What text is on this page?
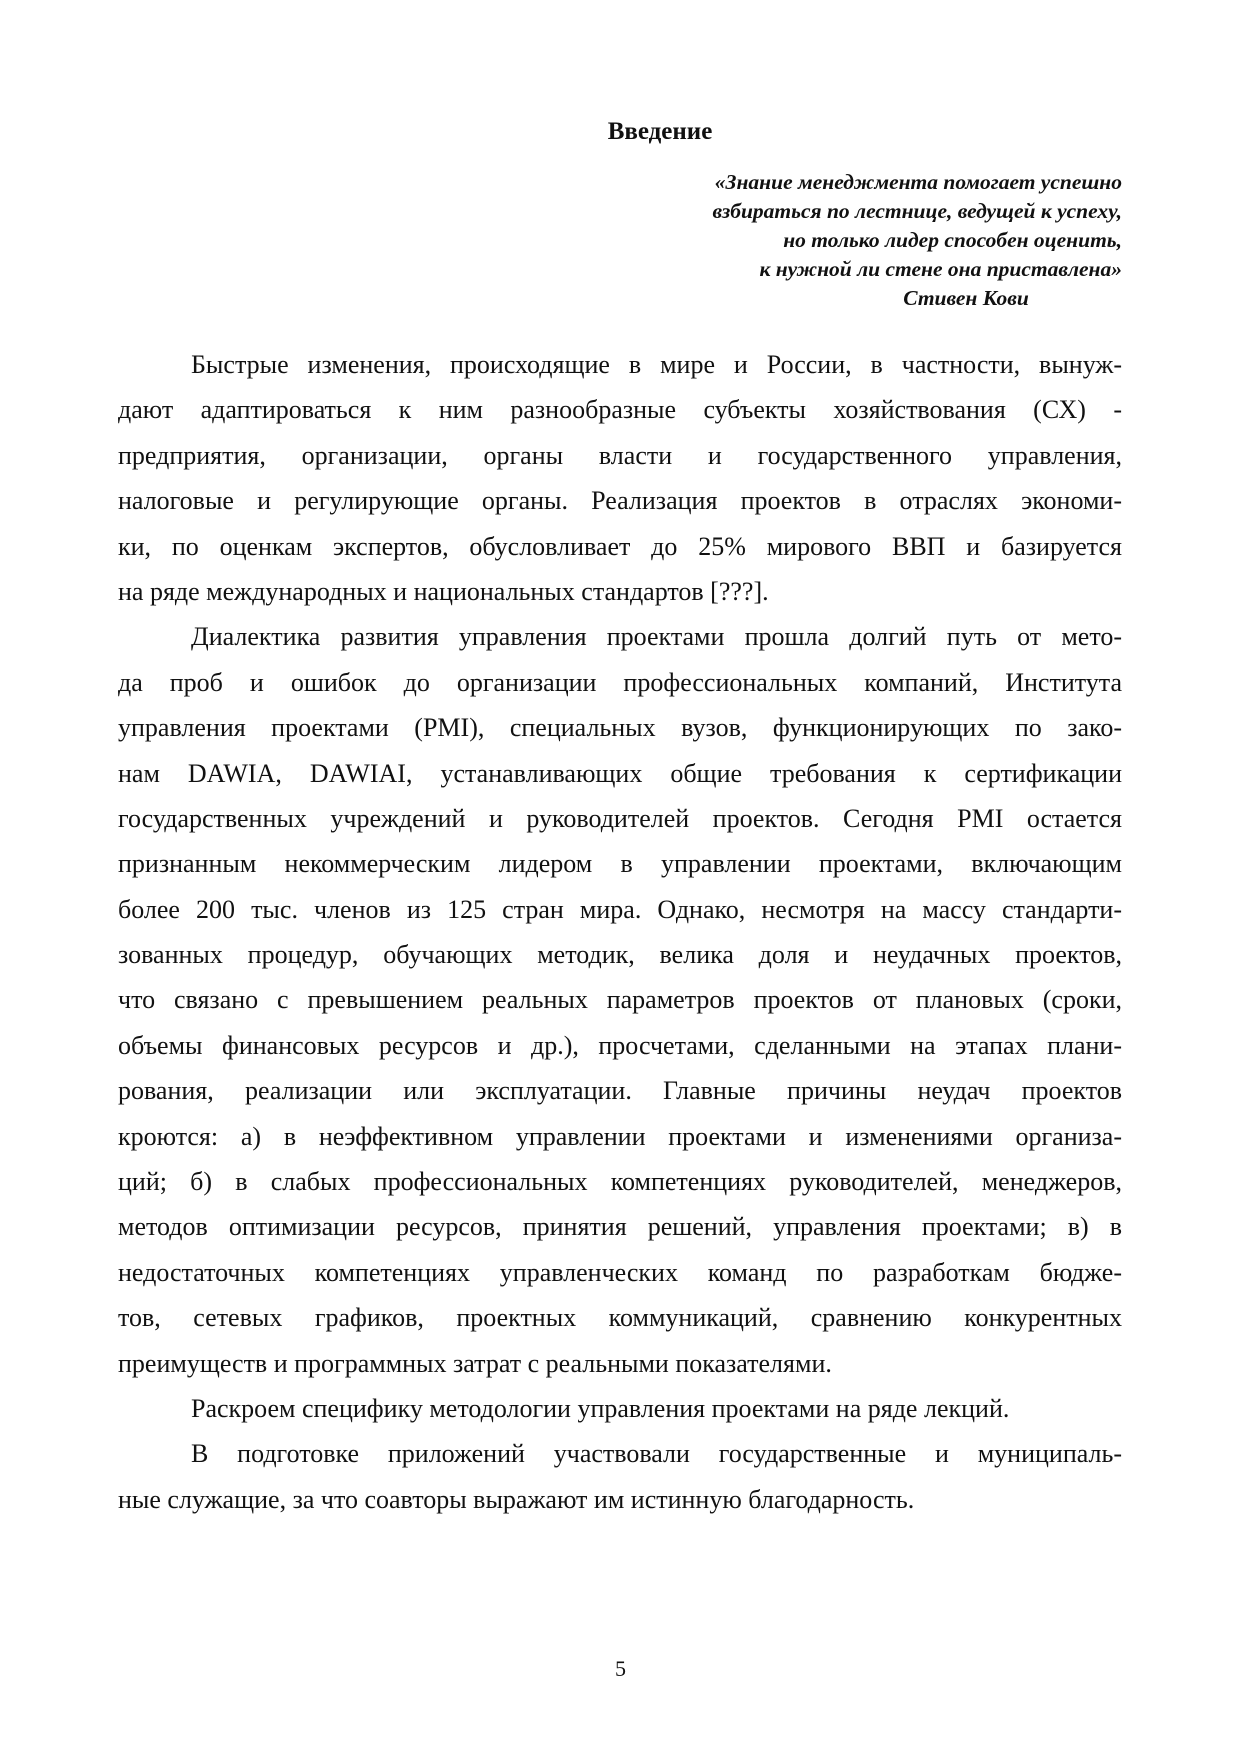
Введение
«Знание менеджмента помогает успешно
взбираться по лестнице, ведущей к успеху,
но только лидер способен оценить,
к нужной ли стене она приставлена»
Стивен Кови
Быстрые изменения, происходящие в мире и России, в частности, вынуж-
дают адаптироваться к ним разнообразные субъекты хозяйствования (СХ) -
предприятия, организации, органы власти и государственного управления,
налоговые и регулирующие органы. Реализация проектов в отраслях экономи-
ки, по оценкам экспертов, обусловливает до 25% мирового ВВП и базируется
на ряде международных и национальных стандартов [???].
Диалектика развития управления проектами прошла долгий путь от мето-
да проб и ошибок до организации профессиональных компаний, Института
управления проектами (PMI), специальных вузов, функционирующих по зако-
нам DAWIA, DAWIAI, устанавливающих общие требования к сертификации
государственных учреждений и руководителей проектов. Сегодня PMI остается
признанным некоммерческим лидером в управлении проектами, включающим
более 200 тыс. членов из 125 стран мира. Однако, несмотря на массу стандарти-
зованных процедур, обучающих методик, велика доля и неудачных проектов,
что связано с превышением реальных параметров проектов от плановых (сроки,
объемы финансовых ресурсов и др.), просчетами, сделанными на этапах плани-
рования, реализации или эксплуатации. Главные причины неудач проектов
кроются: а) в неэффективном управлении проектами и изменениями организа-
ций; б) в слабых профессиональных компетенциях руководителей, менеджеров,
методов оптимизации ресурсов, принятия решений, управления проектами; в) в
недостаточных компетенциях управленческих команд по разработкам бюдже-
тов, сетевых графиков, проектных коммуникаций, сравнению конкурентных
преимуществ и программных затрат с реальными показателями.
Раскроем специфику методологии управления проектами на ряде лекций.
В подготовке приложений участвовали государственные и муниципаль-
ные служащие, за что соавторы выражают им истинную благодарность.
5
